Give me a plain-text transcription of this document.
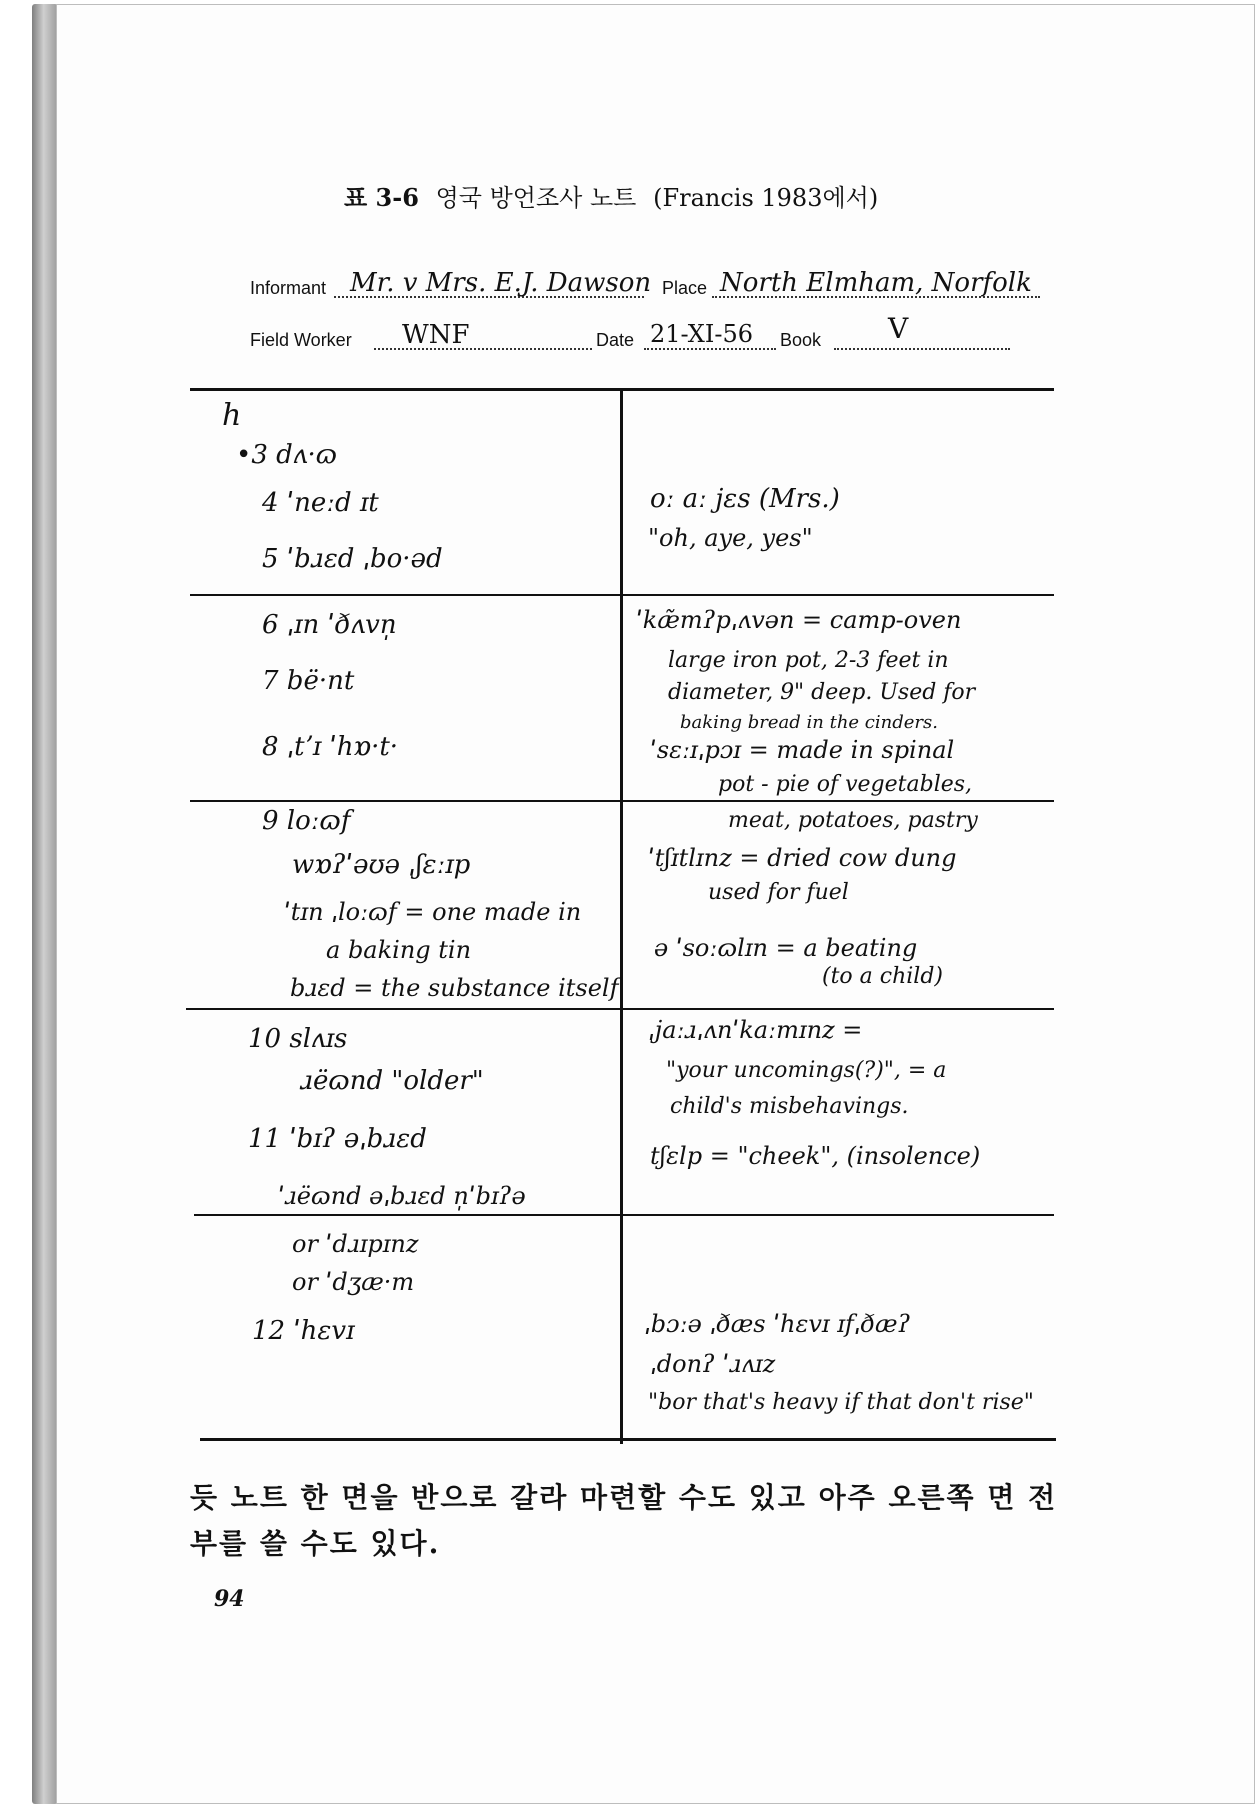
표 3-6 영국 방언조사 노트 (Francis 1983에서)
Informant Mr. v Mrs. E.J. Dawson Place North Elmham, Norfolk
Field Worker WNF	Date 21-XI-56 Book V
h
•3 dʌ·ɷ
4 ˈneːd ɪt
5 ˈbɹɛd ˌbo·əd
6 ˌɪn ˈðʌvn̩
7 bë·nt
8 ˌtʼɪ ˈhɒ·t·
9 loːɷf
wɒʔˈəʊə ˌʃɛːɪp
ˈtɪn ˌloːɷf = one made in
a baking tin
bɹɛd = the substance itself
10 slʌɪs
ɹëɷnd "older"
11 ˈbɪʔ əˌbɹɛd
ˈɹëɷnd əˌbɹɛd n̩ˈbɪʔə
or ˈdɹɪpɪnz
or ˈdʒæ·m
12 ˈhɛvɪ
oː aː jɛs (Mrs.)
"oh, aye, yes"
ˈkæ̃mʔpˌʌvən = camp-oven
large iron pot, 2-3 feet in
diameter, 9" deep. Used for
baking bread in the cinders.
ˈsɛːɪˌpɔɪ = made in spinal
pot - pie of vegetables,
meat, potatoes, pastry
ˈtʃɪtlɪnz = dried cow dung
used for fuel
ə ˈsoːɷlɪn = a beating
(to a child)
ˌjaːɹˌʌnˈkaːmɪnz =
"your uncomings(?)", = a
child's misbehavings.
tʃɛlp = "cheek", (insolence)
ˌbɔːə ˌðæs ˈhɛvɪ ɪfˌðæʔ
ˌdonʔ ˈɹʌɪz
"bor that's heavy if that don't rise"
듯 노트 한 면을 반으로 갈라 마련할 수도 있고 아주 오른쪽 면 전
부를 쓸 수도 있다.
94
